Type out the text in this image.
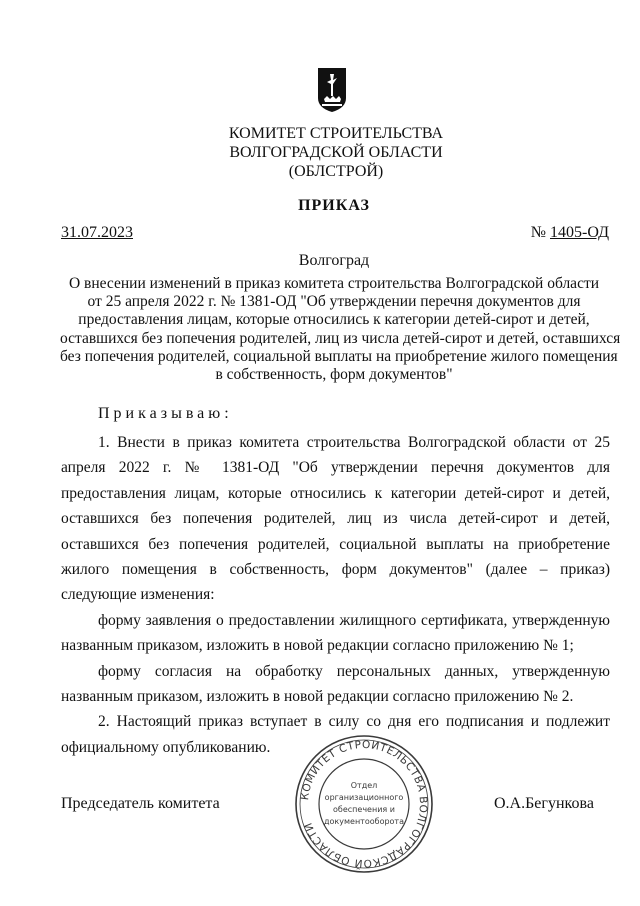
КОМИТЕТ СТРОИТЕЛЬСТВА
ВОЛГОГРАДСКОЙ ОБЛАСТИ
(ОБЛСТРОЙ)
ПРИКАЗ
31.07.2023	№ 1405-ОД
Волгоград
О внесении изменений в приказ комитета строительства Волгоградской области
от 25 апреля 2022 г. № 1381-ОД "Об утверждении перечня документов для
предоставления лицам, которые относились к категории детей-сирот и детей,
оставшихся без попечения родителей, лиц из числа детей-сирот и детей, оставшихся
без попечения родителей, социальной выплаты на приобретение жилого помещения
в собственность, форм документов"
Приказываю:

1. Внести в приказ комитета строительства Волгоградской области от 25 апреля 2022 г. № 1381-ОД "Об утверждении перечня документов для предоставления лицам, которые относились к категории детей-сирот и детей, оставшихся без попечения родителей, лиц из числа детей-сирот и детей, оставшихся без попечения родителей, социальной выплаты на приобретение жилого помещения в собственность, форм документов" (далее – приказ) следующие изменения:

форму заявления о предоставлении жилищного сертификата, утвержденную названным приказом, изложить в новой редакции согласно приложению № 1;

форму согласия на обработку персональных данных, утвержденную названным приказом, изложить в новой редакции согласно приложению № 2.

2. Настоящий приказ вступает в силу со дня его подписания и подлежит официальному опубликованию.

Председатель комитета	О.А.Бегункова
КОМИТЕТ СТРОИТЕЛЬСТВА ВОЛГОГРАДСКОЙ ОБЛАСТИ
Отдел
организационного
обеспечения и
документооборота
